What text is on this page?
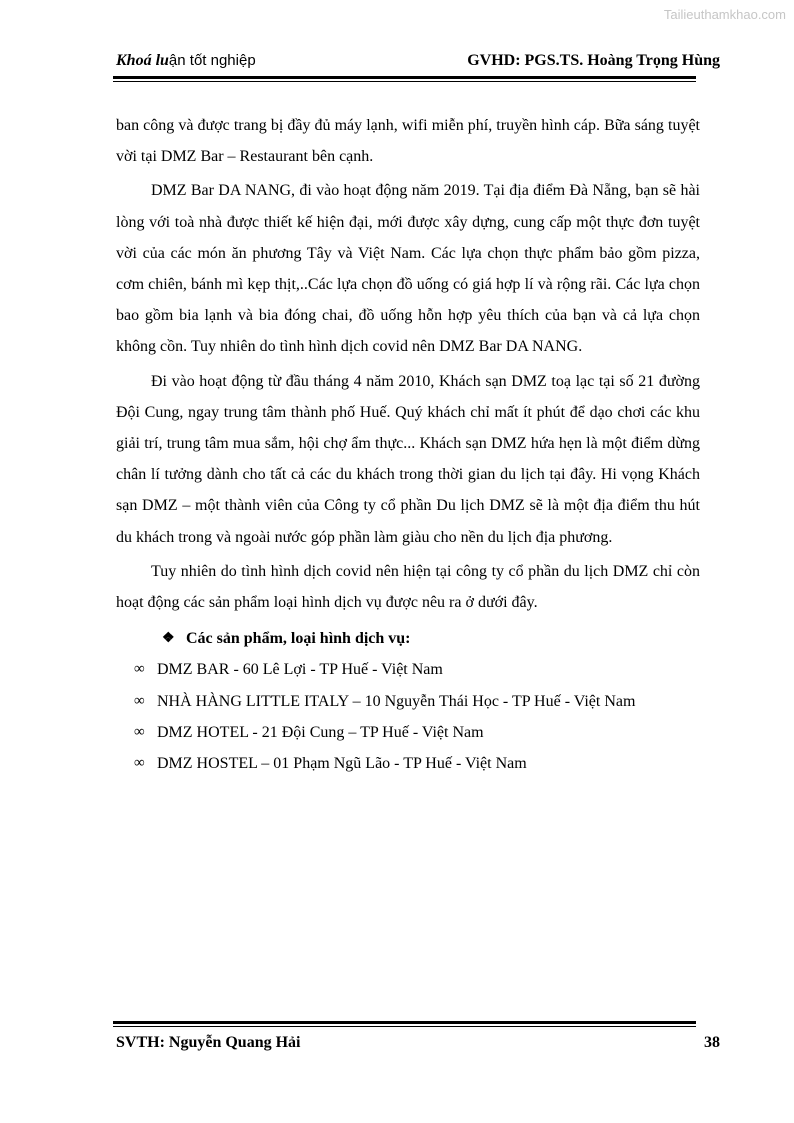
Tailieuthamkhao.com
Khoá luận tốt nghiệp	GVHD: PGS.TS. Hoàng Trọng Hùng

ban công và được trang bị đầy đủ máy lạnh, wifi miễn phí, truyền hình cáp. Bữa sáng tuyệt vời tại DMZ Bar – Restaurant bên cạnh.

DMZ Bar DA NANG, đi vào hoạt động năm 2019. Tại địa điểm Đà Nẵng, bạn sẽ hài lòng với toà nhà được thiết kế hiện đại, mới được xây dựng, cung cấp một thực đơn tuyệt vời của các món ăn phương Tây và Việt Nam. Các lựa chọn thực phẩm bảo gồm pizza, cơm chiên, bánh mì kẹp thịt,..Các lựa chọn đồ uống có giá hợp lí và rộng rãi. Các lựa chọn bao gồm bia lạnh và bia đóng chai, đồ uống hỗn hợp yêu thích của bạn và cả lựa chọn không cồn. Tuy nhiên do tình hình dịch covid nên DMZ Bar DA NANG.

Đi vào hoạt động từ đầu tháng 4 năm 2010, Khách sạn DMZ toạ lạc tại số 21 đường Đội Cung, ngay trung tâm thành phố Huế. Quý khách chỉ mất ít phút để dạo chơi các khu giải trí, trung tâm mua sắm, hội chợ ẩm thực... Khách sạn DMZ hứa hẹn là một điểm dừng chân lí tưởng dành cho tất cả các du khách trong thời gian du lịch tại đây. Hi vọng Khách sạn DMZ – một thành viên của Công ty cổ phần Du lịch DMZ sẽ là một địa điểm thu hút du khách trong và ngoài nước góp phần làm giàu cho nền du lịch địa phương.

Tuy nhiên do tình hình dịch covid nên hiện tại công ty cổ phần du lịch DMZ chỉ còn hoạt động các sản phẩm loại hình dịch vụ được nêu ra ở dưới đây.

❖ Các sản phẩm, loại hình dịch vụ:
∞ DMZ BAR - 60 Lê Lợi - TP Huế - Việt Nam
∞ NHÀ HÀNG LITTLE ITALY – 10 Nguyễn Thái Học - TP Huế - Việt Nam
∞ DMZ HOTEL - 21 Đội Cung – TP Huế - Việt Nam
∞ DMZ HOSTEL – 01 Phạm Ngũ Lão - TP Huế - Việt Nam
SVTH: Nguyễn Quang Hải	38
